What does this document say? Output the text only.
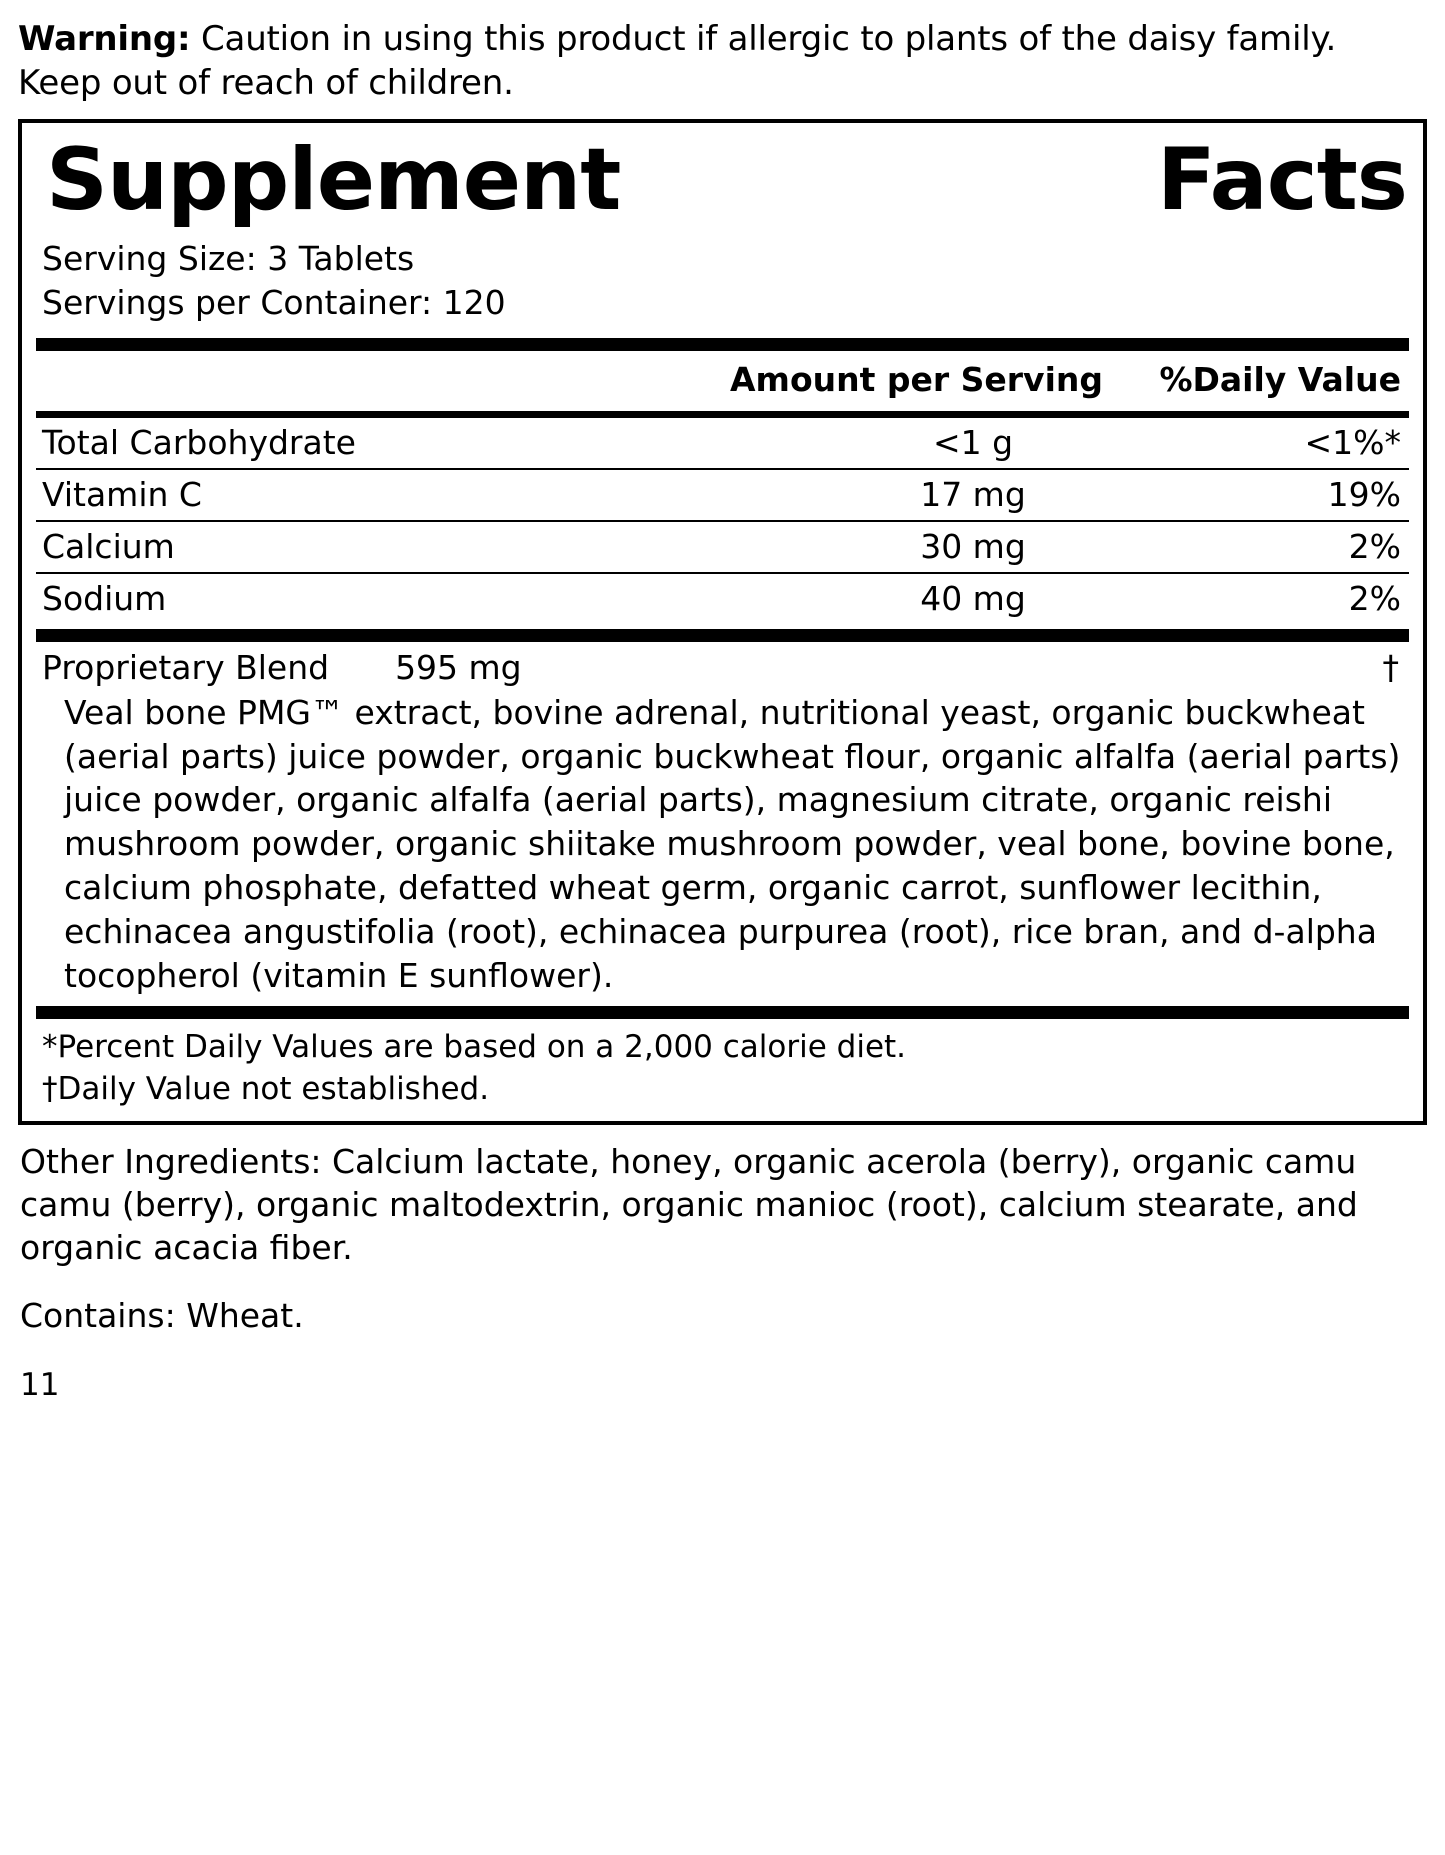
Warning: Caution in using this product if allergic to plants of the daisy family. Keep out of reach of children.

Supplement	Facts
Serving Size: 3 Tablets
Servings per Container: 120
	Amount per Serving	%Daily Value
Total Carbohydrate	<1 g	<1%*

Vitamin C	17 mg	19%

Calcium	30 mg	2%

Sodium	40 mg	2%
Proprietary Blend	595 mg	†
Veal bone PMG™ extract, bovine adrenal, nutritional yeast, organic buckwheat (aerial parts) juice powder, organic buckwheat flour, organic alfalfa (aerial parts) juice powder, organic alfalfa (aerial parts), magnesium citrate, organic reishi mushroom powder, organic shiitake mushroom powder, veal bone, bovine bone, calcium phosphate, defatted wheat germ, organic carrot, sunflower lecithin, echinacea angustifolia (root), echinacea purpurea (root), rice bran, and d-alpha tocopherol (vitamin E sunflower).
*Percent Daily Values are based on a 2,000 calorie diet.
†Daily Value not established.
Other Ingredients: Calcium lactate, honey, organic acerola (berry), organic camu camu (berry), organic maltodextrin, organic manioc (root), calcium stearate, and organic acacia fiber.
Contains: Wheat.
11
